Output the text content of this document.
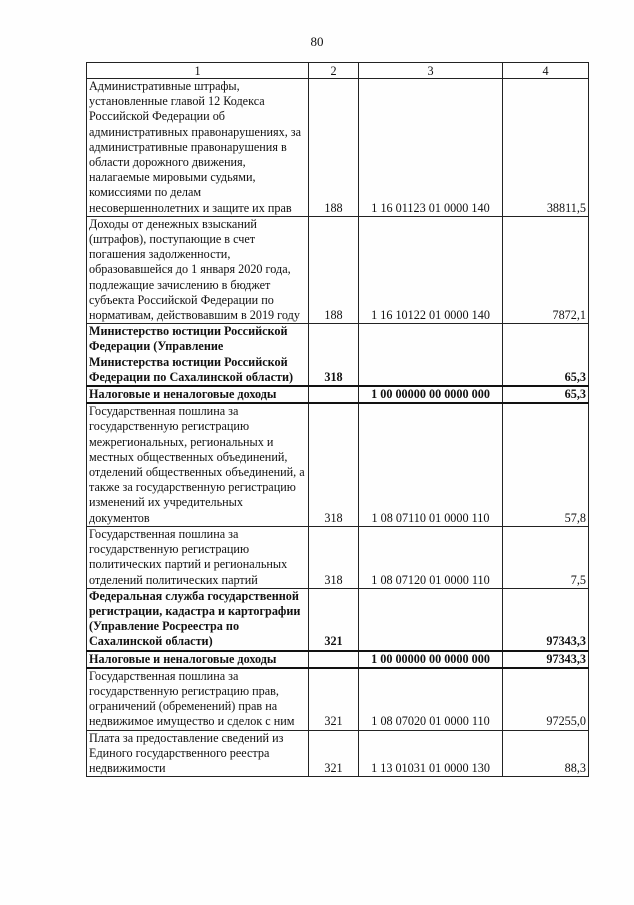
80
1	2	3	4
Административные штрафы, установленные главой 12 Кодекса Российской Федерации об административных правонарушениях, за административные правонарушения в области дорожного движения, налагаемые мировыми судьями, комиссиями по делам несовершеннолетних и защите их прав	188	1 16 01123 01 0000 140	38811,5
Доходы от денежных взысканий (штрафов), поступающие в счет погашения задолженности, образовавшейся до 1 января 2020 года, подлежащие зачислению в бюджет субъекта Российской Федерации по нормативам, действовавшим в 2019 году	188	1 16 10122 01 0000 140	7872,1
Министерство юстиции Российской Федерации (Управление Министерства юстиции Российской Федерации по Сахалинской области)	318		65,3
Налоговые и неналоговые доходы		1 00 00000 00 0000 000	65,3
Государственная пошлина за государственную регистрацию межрегиональных, региональных и местных общественных объединений, отделений общественных объединений, а также за государственную регистрацию изменений их учредительных документов	318	1 08 07110 01 0000 110	57,8
Государственная пошлина за государственную регистрацию политических партий и региональных отделений политических партий	318	1 08 07120 01 0000 110	7,5
Федеральная служба государственной регистрации, кадастра и картографии (Управление Росреестра по Сахалинской области)	321		97343,3
Налоговые и неналоговые доходы		1 00 00000 00 0000 000	97343,3
Государственная пошлина за государственную регистрацию прав, ограничений (обременений) прав на недвижимое имущество и сделок с ним	321	1 08 07020 01 0000 110	97255,0
Плата за предоставление сведений из Единого государственного реестра недвижимости	321	1 13 01031 01 0000 130	88,3
